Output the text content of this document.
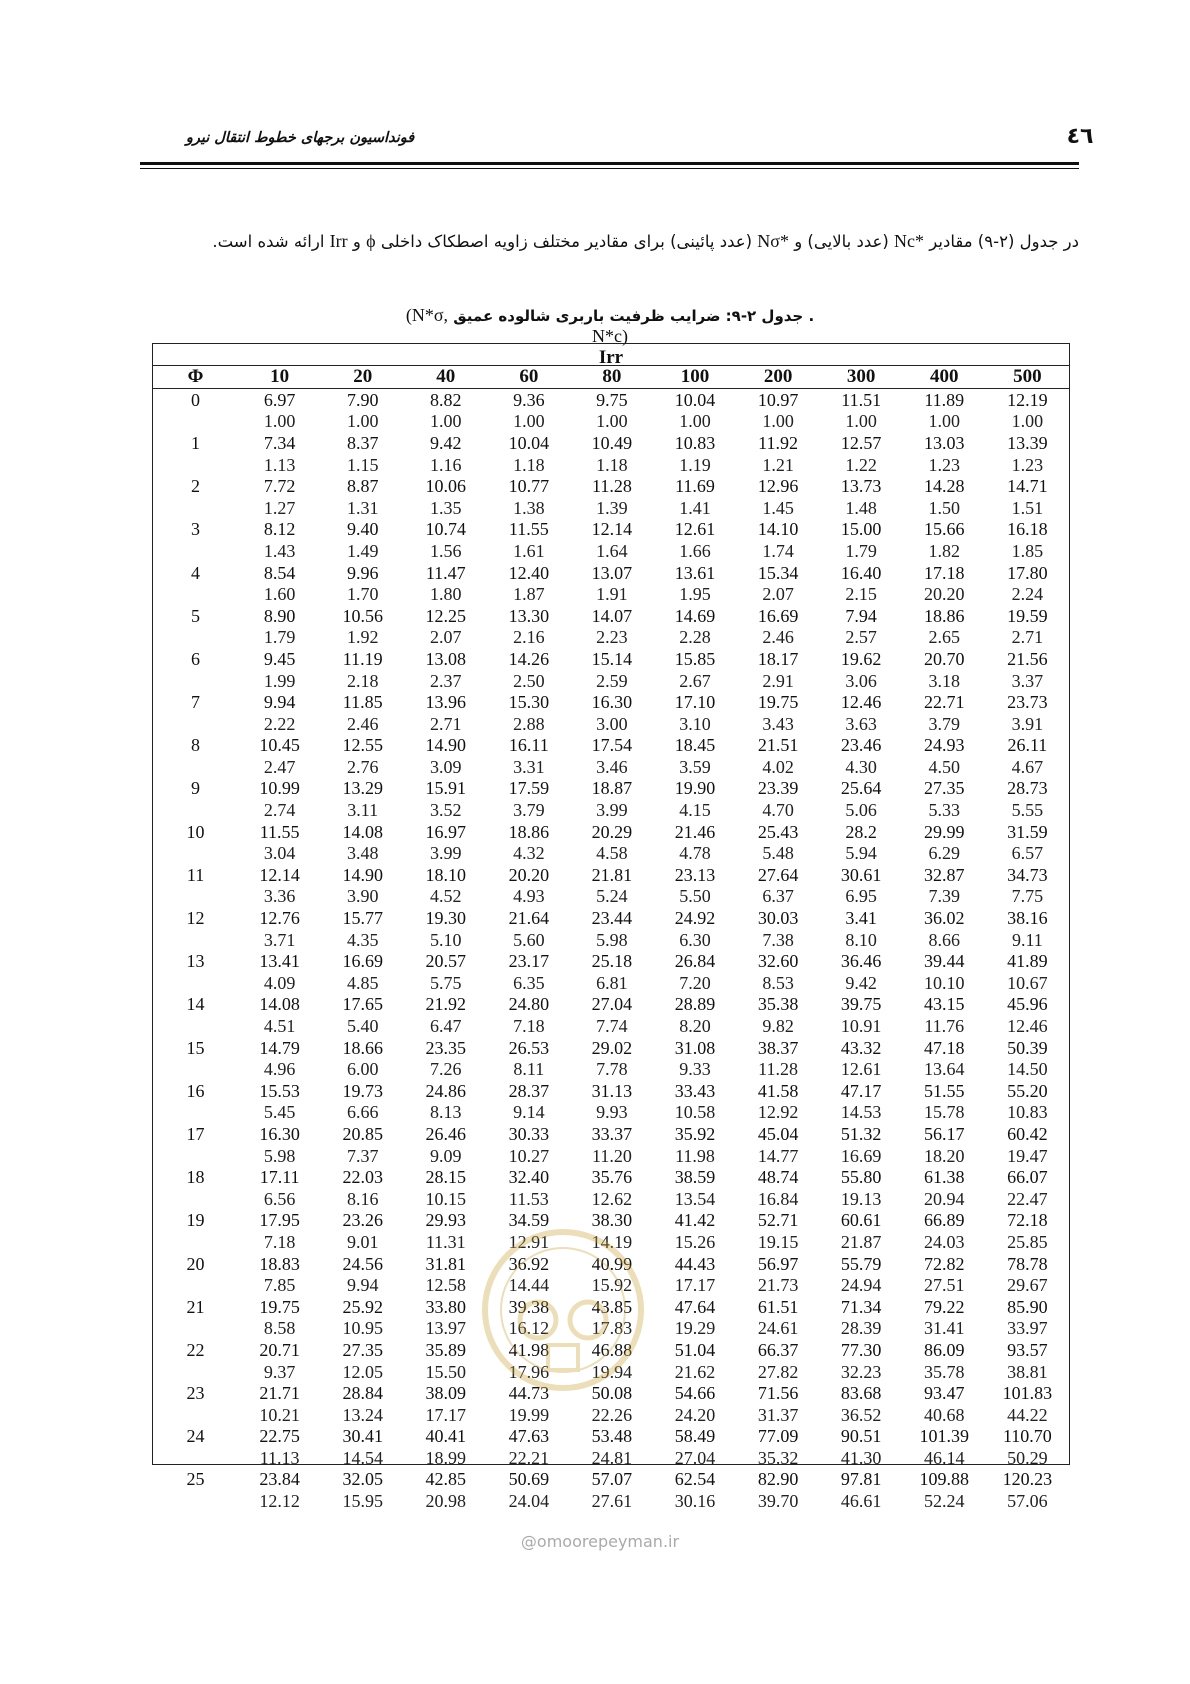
٤٦
فونداسیون برجهای خطوط انتقال نیرو
در جدول (۲-۹) مقادیر Nc* (عدد بالایی) و Nσ* (عدد پائینی) برای مقادیر مختلف زاویه اصطکاک داخلی ϕ و Irr ارائه شده است.
. جدول ۲-۹: ضرایب ظرفیت باربری شالوده عمیق (N*σ, N*c)
Irr
Φ	10	20	40	60	80	100	200	300	400	500
0	6.97	7.90	8.82	9.36	9.75	10.04	10.97	11.51	11.89	12.19
	1.00	1.00	1.00	1.00	1.00	1.00	1.00	1.00	1.00	1.00
1	7.34	8.37	9.42	10.04	10.49	10.83	11.92	12.57	13.03	13.39
	1.13	1.15	1.16	1.18	1.18	1.19	1.21	1.22	1.23	1.23
2	7.72	8.87	10.06	10.77	11.28	11.69	12.96	13.73	14.28	14.71
	1.27	1.31	1.35	1.38	1.39	1.41	1.45	1.48	1.50	1.51
3	8.12	9.40	10.74	11.55	12.14	12.61	14.10	15.00	15.66	16.18
	1.43	1.49	1.56	1.61	1.64	1.66	1.74	1.79	1.82	1.85
4	8.54	9.96	11.47	12.40	13.07	13.61	15.34	16.40	17.18	17.80
	1.60	1.70	1.80	1.87	1.91	1.95	2.07	2.15	20.20	2.24
5	8.90	10.56	12.25	13.30	14.07	14.69	16.69	7.94	18.86	19.59
	1.79	1.92	2.07	2.16	2.23	2.28	2.46	2.57	2.65	2.71
6	9.45	11.19	13.08	14.26	15.14	15.85	18.17	19.62	20.70	21.56
	1.99	2.18	2.37	2.50	2.59	2.67	2.91	3.06	3.18	3.37
7	9.94	11.85	13.96	15.30	16.30	17.10	19.75	12.46	22.71	23.73
	2.22	2.46	2.71	2.88	3.00	3.10	3.43	3.63	3.79	3.91
8	10.45	12.55	14.90	16.11	17.54	18.45	21.51	23.46	24.93	26.11
	2.47	2.76	3.09	3.31	3.46	3.59	4.02	4.30	4.50	4.67
9	10.99	13.29	15.91	17.59	18.87	19.90	23.39	25.64	27.35	28.73
	2.74	3.11	3.52	3.79	3.99	4.15	4.70	5.06	5.33	5.55
10	11.55	14.08	16.97	18.86	20.29	21.46	25.43	28.2	29.99	31.59
	3.04	3.48	3.99	4.32	4.58	4.78	5.48	5.94	6.29	6.57
11	12.14	14.90	18.10	20.20	21.81	23.13	27.64	30.61	32.87	34.73
	3.36	3.90	4.52	4.93	5.24	5.50	6.37	6.95	7.39	7.75
12	12.76	15.77	19.30	21.64	23.44	24.92	30.03	3.41	36.02	38.16
	3.71	4.35	5.10	5.60	5.98	6.30	7.38	8.10	8.66	9.11
13	13.41	16.69	20.57	23.17	25.18	26.84	32.60	36.46	39.44	41.89
	4.09	4.85	5.75	6.35	6.81	7.20	8.53	9.42	10.10	10.67
14	14.08	17.65	21.92	24.80	27.04	28.89	35.38	39.75	43.15	45.96
	4.51	5.40	6.47	7.18	7.74	8.20	9.82	10.91	11.76	12.46
15	14.79	18.66	23.35	26.53	29.02	31.08	38.37	43.32	47.18	50.39
	4.96	6.00	7.26	8.11	7.78	9.33	11.28	12.61	13.64	14.50
16	15.53	19.73	24.86	28.37	31.13	33.43	41.58	47.17	51.55	55.20
	5.45	6.66	8.13	9.14	9.93	10.58	12.92	14.53	15.78	10.83
17	16.30	20.85	26.46	30.33	33.37	35.92	45.04	51.32	56.17	60.42
	5.98	7.37	9.09	10.27	11.20	11.98	14.77	16.69	18.20	19.47
18	17.11	22.03	28.15	32.40	35.76	38.59	48.74	55.80	61.38	66.07
	6.56	8.16	10.15	11.53	12.62	13.54	16.84	19.13	20.94	22.47
19	17.95	23.26	29.93	34.59	38.30	41.42	52.71	60.61	66.89	72.18
	7.18	9.01	11.31	12.91	14.19	15.26	19.15	21.87	24.03	25.85
20	18.83	24.56	31.81	36.92	40.99	44.43	56.97	55.79	72.82	78.78
	7.85	9.94	12.58	14.44	15.92	17.17	21.73	24.94	27.51	29.67
21	19.75	25.92	33.80	39.38	43.85	47.64	61.51	71.34	79.22	85.90
	8.58	10.95	13.97	16.12	17.83	19.29	24.61	28.39	31.41	33.97
22	20.71	27.35	35.89	41.98	46.88	51.04	66.37	77.30	86.09	93.57
	9.37	12.05	15.50	17.96	19.94	21.62	27.82	32.23	35.78	38.81
23	21.71	28.84	38.09	44.73	50.08	54.66	71.56	83.68	93.47	101.83
	10.21	13.24	17.17	19.99	22.26	24.20	31.37	36.52	40.68	44.22
24	22.75	30.41	40.41	47.63	53.48	58.49	77.09	90.51	101.39	110.70
	11.13	14.54	18.99	22.21	24.81	27.04	35.32	41.30	46.14	50.29
25	23.84	32.05	42.85	50.69	57.07	62.54	82.90	97.81	109.88	120.23
	12.12	15.95	20.98	24.04	27.61	30.16	39.70	46.61	52.24	57.06
@omoorepeyman.ir
